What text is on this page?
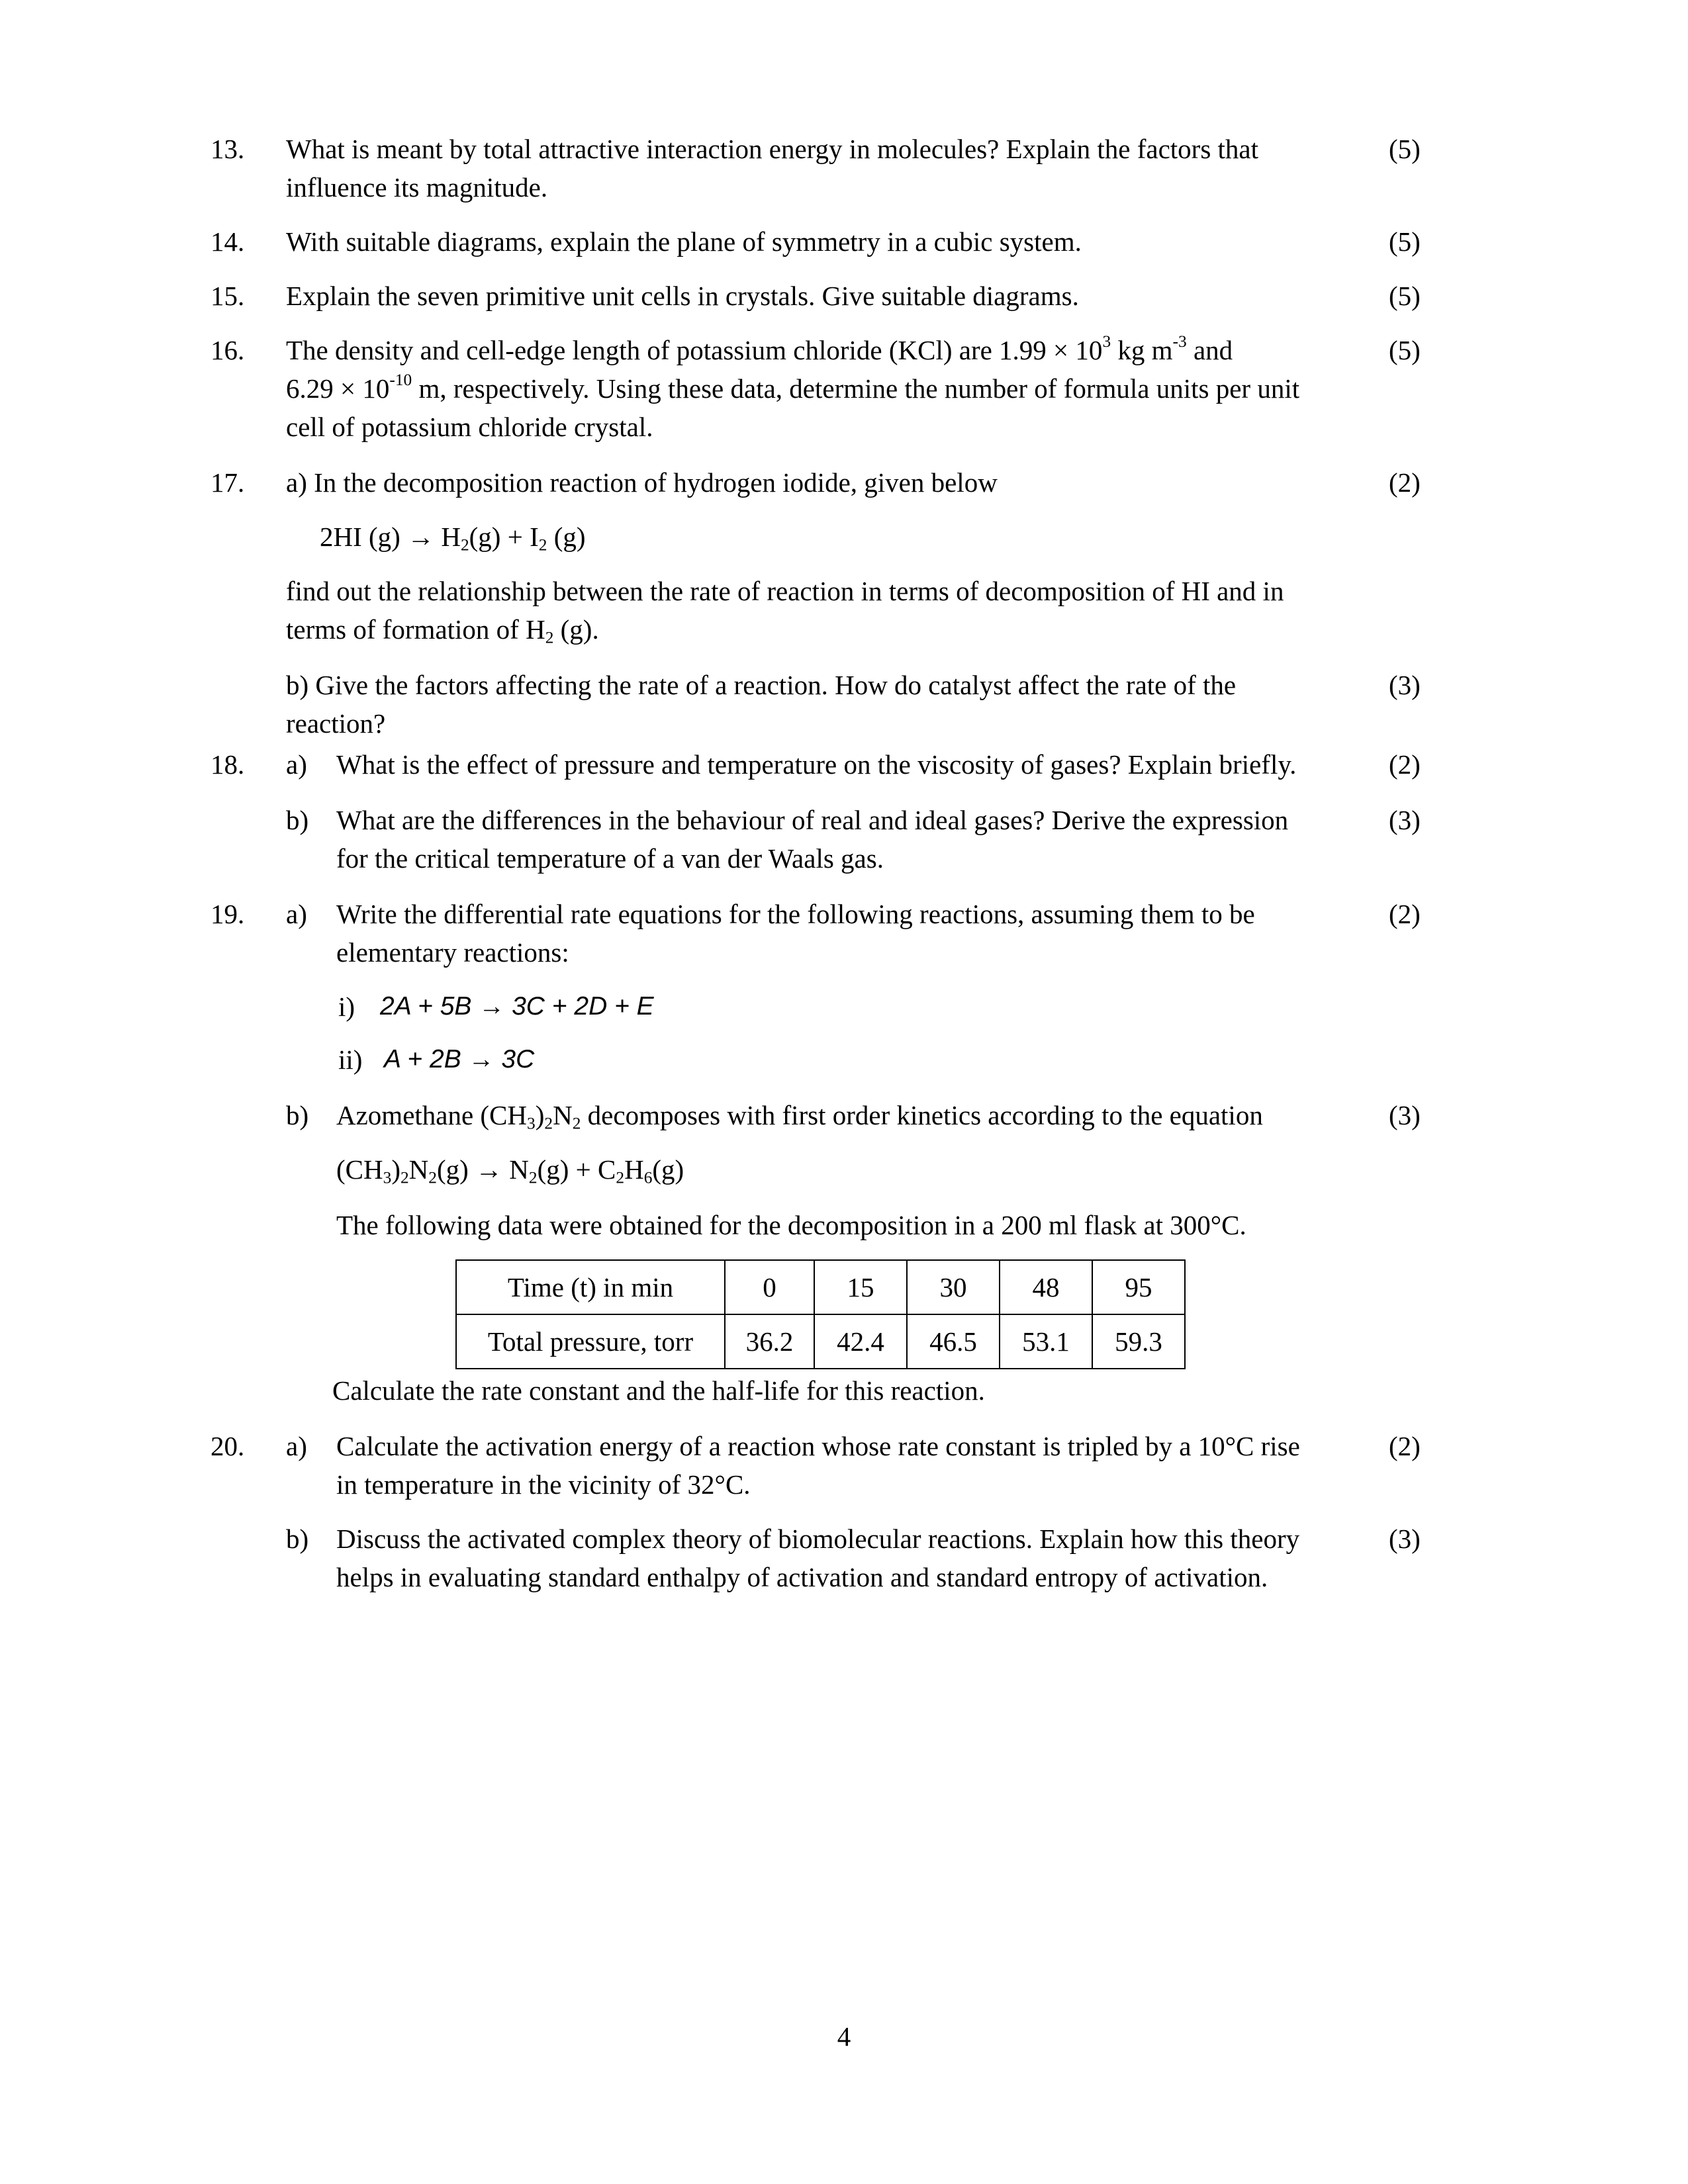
13. What is meant by total attractive interaction energy in molecules? Explain the factors that
influence its magnitude.
(5)
14. With suitable diagrams, explain the plane of symmetry in a cubic system.	(5)
15. Explain the seven primitive unit cells in crystals. Give suitable diagrams.	(5)
16. The density and cell-edge length of potassium chloride (KCl) are $1.99 \times 10^3$ kg $m^{-3}$ and
$6.29 \times 10^{-10}$ m, respectively. Using these data, determine the number of formula units per unit
cell of potassium chloride crystal.
(5)
17. a) In the decomposition reaction of hydrogen iodide, given below	(2)
2HI $(g) \to H_2(g) + I_2$ (g)
find out the relationship between the rate of reaction in terms of decomposition of HI and in
terms of formation of $H_2$ (g).
b) Give the factors affecting the rate of a reaction. How do catalyst affect the rate of the
reaction?
(3)
18. a) What is the effect of pressure and temperature on the viscosity of gases? Explain briefly.	(2)
b) What are the differences in the behaviour of real and ideal gases? Derive the expression
for the critical temperature of a van der Waals gas.
(3)
19. a) Write the differential rate equations for the following reactions, assuming them to be
elementary reactions:
(2)
i) 2A + 5B → 3C + 2D + E
ii) A + 2B → 3C
b) Azomethane $(CH_3)_2N_2$ decomposes with first order kinetics according to the equation	(3)
$(CH_3)_2N_2(g) \to N_2(g) + C_2H_6(g)$
The following data were obtained for the decomposition in a 200 ml flask at 300°C.
Time (t) in min	0	15	30	48	95
Total pressure, torr	36.2	42.4	46.5	53.1	59.3
Calculate the rate constant and the half-life for this reaction.
20. a) Calculate the activation energy of a reaction whose rate constant is tripled by a 10°C rise
in temperature in the vicinity of 32°C.
(2)
b) Discuss the activated complex theory of biomolecular reactions. Explain how this theory
helps in evaluating standard enthalpy of activation and standard entropy of activation.
(3)
4
